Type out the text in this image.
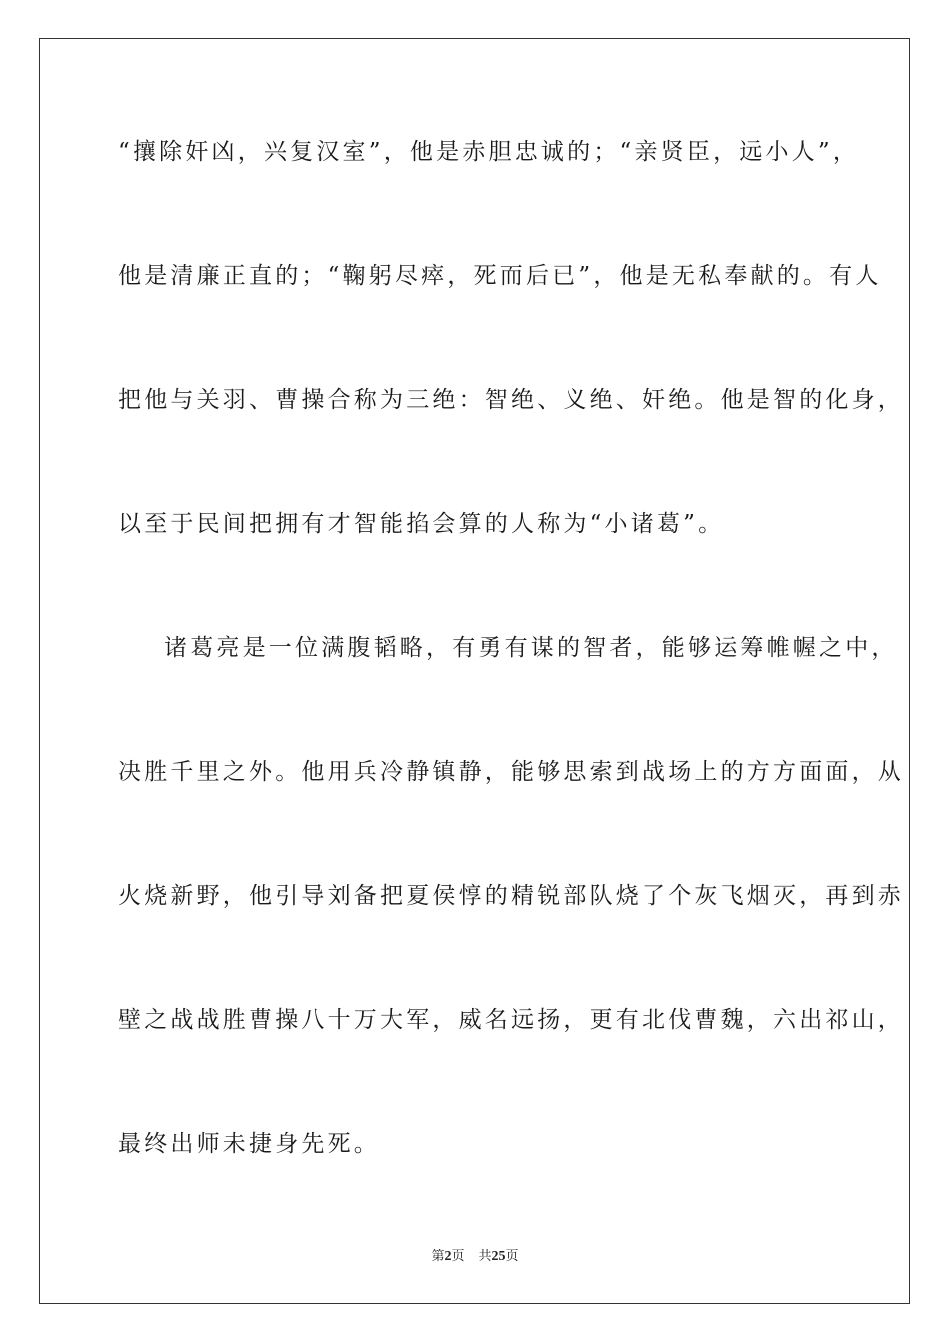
“攘除奸凶，兴复汉室”，他是赤胆忠诚的；“亲贤臣，远小人”，

他是清廉正直的；“鞠躬尽瘁，死而后已”，他是无私奉献的。有人

把他与关羽、曹操合称为三绝：智绝、义绝、奸绝。他是智的化身，

以至于民间把拥有才智能掐会算的人称为“小诸葛”。

诸葛亮是一位满腹韬略，有勇有谋的智者，能够运筹帷幄之中，

决胜千里之外。他用兵冷静镇静，能够思索到战场上的方方面面，从

火烧新野，他引导刘备把夏侯惇的精锐部队烧了个灰飞烟灭，再到赤

壁之战战胜曹操八十万大军，威名远扬，更有北伐曹魏，六出祁山，

最终出师未捷身先死。

第2页 共25页
